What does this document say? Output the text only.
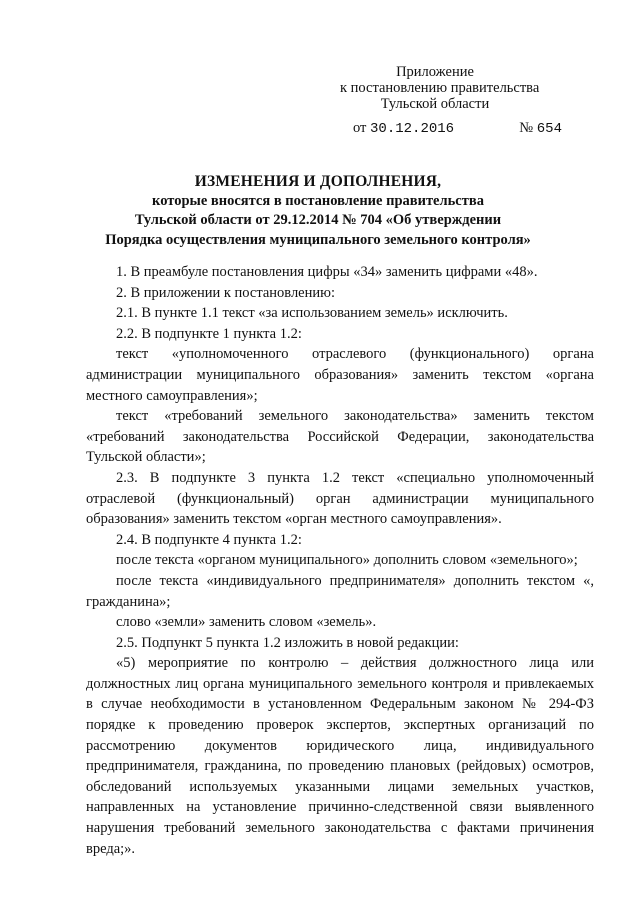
Приложение
к постановлению правительства
Тульской области
от 30.12.2016	№ 654
ИЗМЕНЕНИЯ И ДОПОЛНЕНИЯ,
которые вносятся в постановление правительства
Тульской области от 29.12.2014 № 704 «Об утверждении
Порядка осуществления муниципального земельного контроля»

1. В преамбуле постановления цифры «34» заменить цифрами «48».

2. В приложении к постановлению:

2.1. В пункте 1.1 текст «за использованием земель» исключить.

2.2. В подпункте 1 пункта 1.2:

текст «уполномоченного отраслевого (функционального) органа администрации муниципального образования» заменить текстом «органа местного самоуправления»;

текст «требований земельного законодательства» заменить текстом «требований законодательства Российской Федерации, законодательства Тульской области»;

2.3. В подпункте 3 пункта 1.2 текст «специально уполномоченный отраслевой (функциональный) орган администрации муниципального образования» заменить текстом «орган местного самоуправления».

2.4. В подпункте 4 пункта 1.2:

после текста «органом муниципального» дополнить словом «земельного»;

после текста «индивидуального предпринимателя» дополнить текстом «, гражданина»;

слово «земли» заменить словом «земель».

2.5. Подпункт 5 пункта 1.2 изложить в новой редакции:

«5) мероприятие по контролю – действия должностного лица или должностных лиц органа муниципального земельного контроля и привлекаемых в случае необходимости в установленном Федеральным законом № 294-ФЗ порядке к проведению проверок экспертов, экспертных организаций по рассмотрению документов юридического лица, индивидуального предпринимателя, гражданина, по проведению плановых (рейдовых) осмотров, обследований используемых указанными лицами земельных участков, направленных на установление причинно-следственной связи выявленного нарушения требований земельного законодательства с фактами причинения вреда;».
